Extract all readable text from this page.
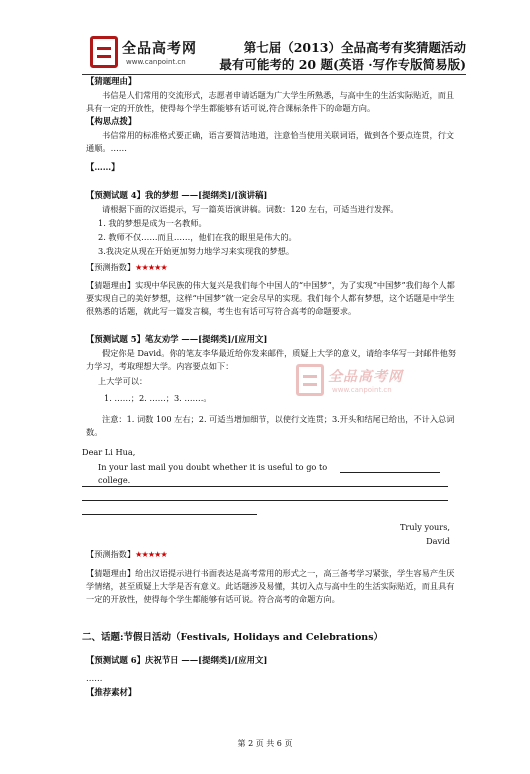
全品高考网
www.canpoint.cn
第七届（2013）全品高考有奖猜题活动
最有可能考的 20 题(英语 ·写作专版简易版)
【猜题理由】
书信是人们常用的交流形式，志愿者申请话题为广大学生所熟悉，与高中生的生活实际贴近，而且具有一定的开放性，使得每个学生都能够有话可说,符合课标条件下的命题方向。
【构思点拨】
书信常用的标准格式要正确，语言要简洁地道，注意恰当使用关联词语，做到各个要点连贯，行文通顺。……
【……】
【预测试题 4】我的梦想 ——[提纲类]/[演讲稿]
请根据下面的汉语提示，写一篇英语演讲稿。词数：120 左右，可适当进行发挥。
1. 我的梦想是成为一名教师。
2. 教师不仅……而且……，他们在我的眼里是伟大的。
3.我决定从现在开始更加努力地学习来实现我的梦想。
【预测指数】★★★★★
【猜题理由】实现中华民族的伟大复兴是我们每个中国人的“中国梦”，为了实现“中国梦”我们每个人都要实现自己的美好梦想，这样“中国梦”就一定会尽早的实现。我们每个人都有梦想，这个话题是中学生很熟悉的话题，就此写一篇发言稿，考生也有话可写符合高考的命题要求。
【预测试题 5】笔友劝学 ——[提纲类]/[应用文]
假定你是 David。你的笔友李华最近给你发来邮件，质疑上大学的意义，请给李华写一封邮件他努力学习，考取理想大学。内容要点如下：
上大学可以：
1. ……；2. ……；3. …….。
注意：1. 词数 100 左右；2. 可适当增加细节，以使行文连贯；3.开头和结尾已给出，不计入总词数。
全品高考网
www.canpoint.cn
Dear Li Hua,
In your last mail you doubt whether it is useful to go to college.
Truly yours,
David
【预测指数】★★★★★
【猜题理由】给出汉语提示进行书面表达是高考常用的形式之一，高三备考学习紧张，学生容易产生厌学情绪，甚至质疑上大学是否有意义。此话题涉及易懂，其切入点与高中生的生活实际贴近，而且具有一定的开放性，使得每个学生都能够有话可说。符合高考的命题方向。
二、话题:节假日活动（Festivals, Holidays and Celebrations）
【预测试题 6】庆祝节日 ——[提纲类]/[应用文]
……
【推荐素材】
第 2 页 共 6 页
